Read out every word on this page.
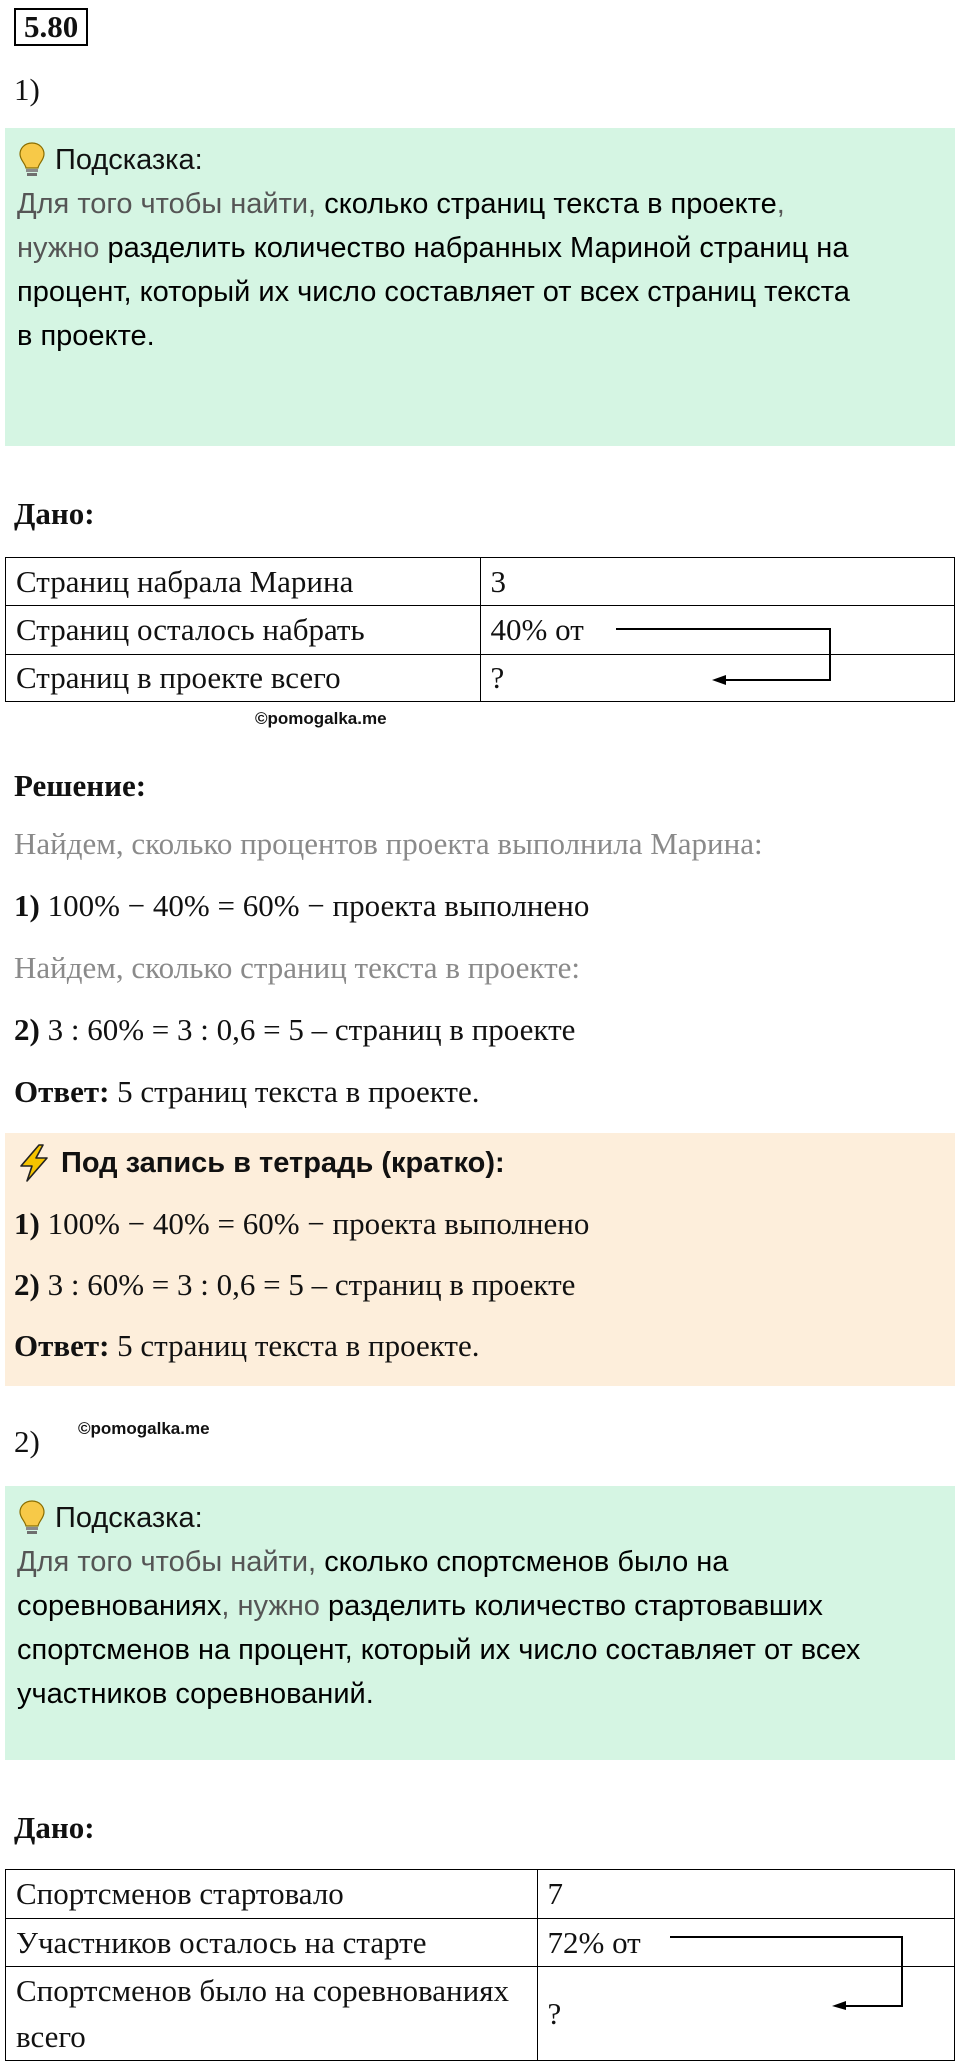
5.80
1)
Подсказка:
Для того чтобы найти, сколько страниц текста в проекте,
нужно разделить количество набранных Мариной страниц на процент, который их число составляет от всех страниц текста
в проекте.
Дано:
Страниц набрала Марина	3
Страниц осталось набрать	40% от
Страниц в проекте всего	?
©pomogalka.me
Решение:
Найдем, сколько процентов проекта выполнила Марина:
1) 100% − 40% = 60% − проекта выполнено
Найдем, сколько страниц текста в проекте:
2) 3 : 60% = 3 : 0,6 = 5 – страниц в проекте
Ответ: 5 страниц текста в проекте.
Под запись в тетрадь (кратко):
1) 100% − 40% = 60% − проекта выполнено
2) 3 : 60% = 3 : 0,6 = 5 – страниц в проекте
Ответ: 5 страниц текста в проекте.
2) ©pomogalka.me
Подсказка:
Для того чтобы найти, сколько спортсменов было на соревнованиях, нужно разделить количество стартовавших спортсменов на процент, который их число составляет от всех участников соревнований.
Дано:
Спортсменов стартовало	7
Участников осталось на старте	72% от
Спортсменов было на соревнованиях всего	?
